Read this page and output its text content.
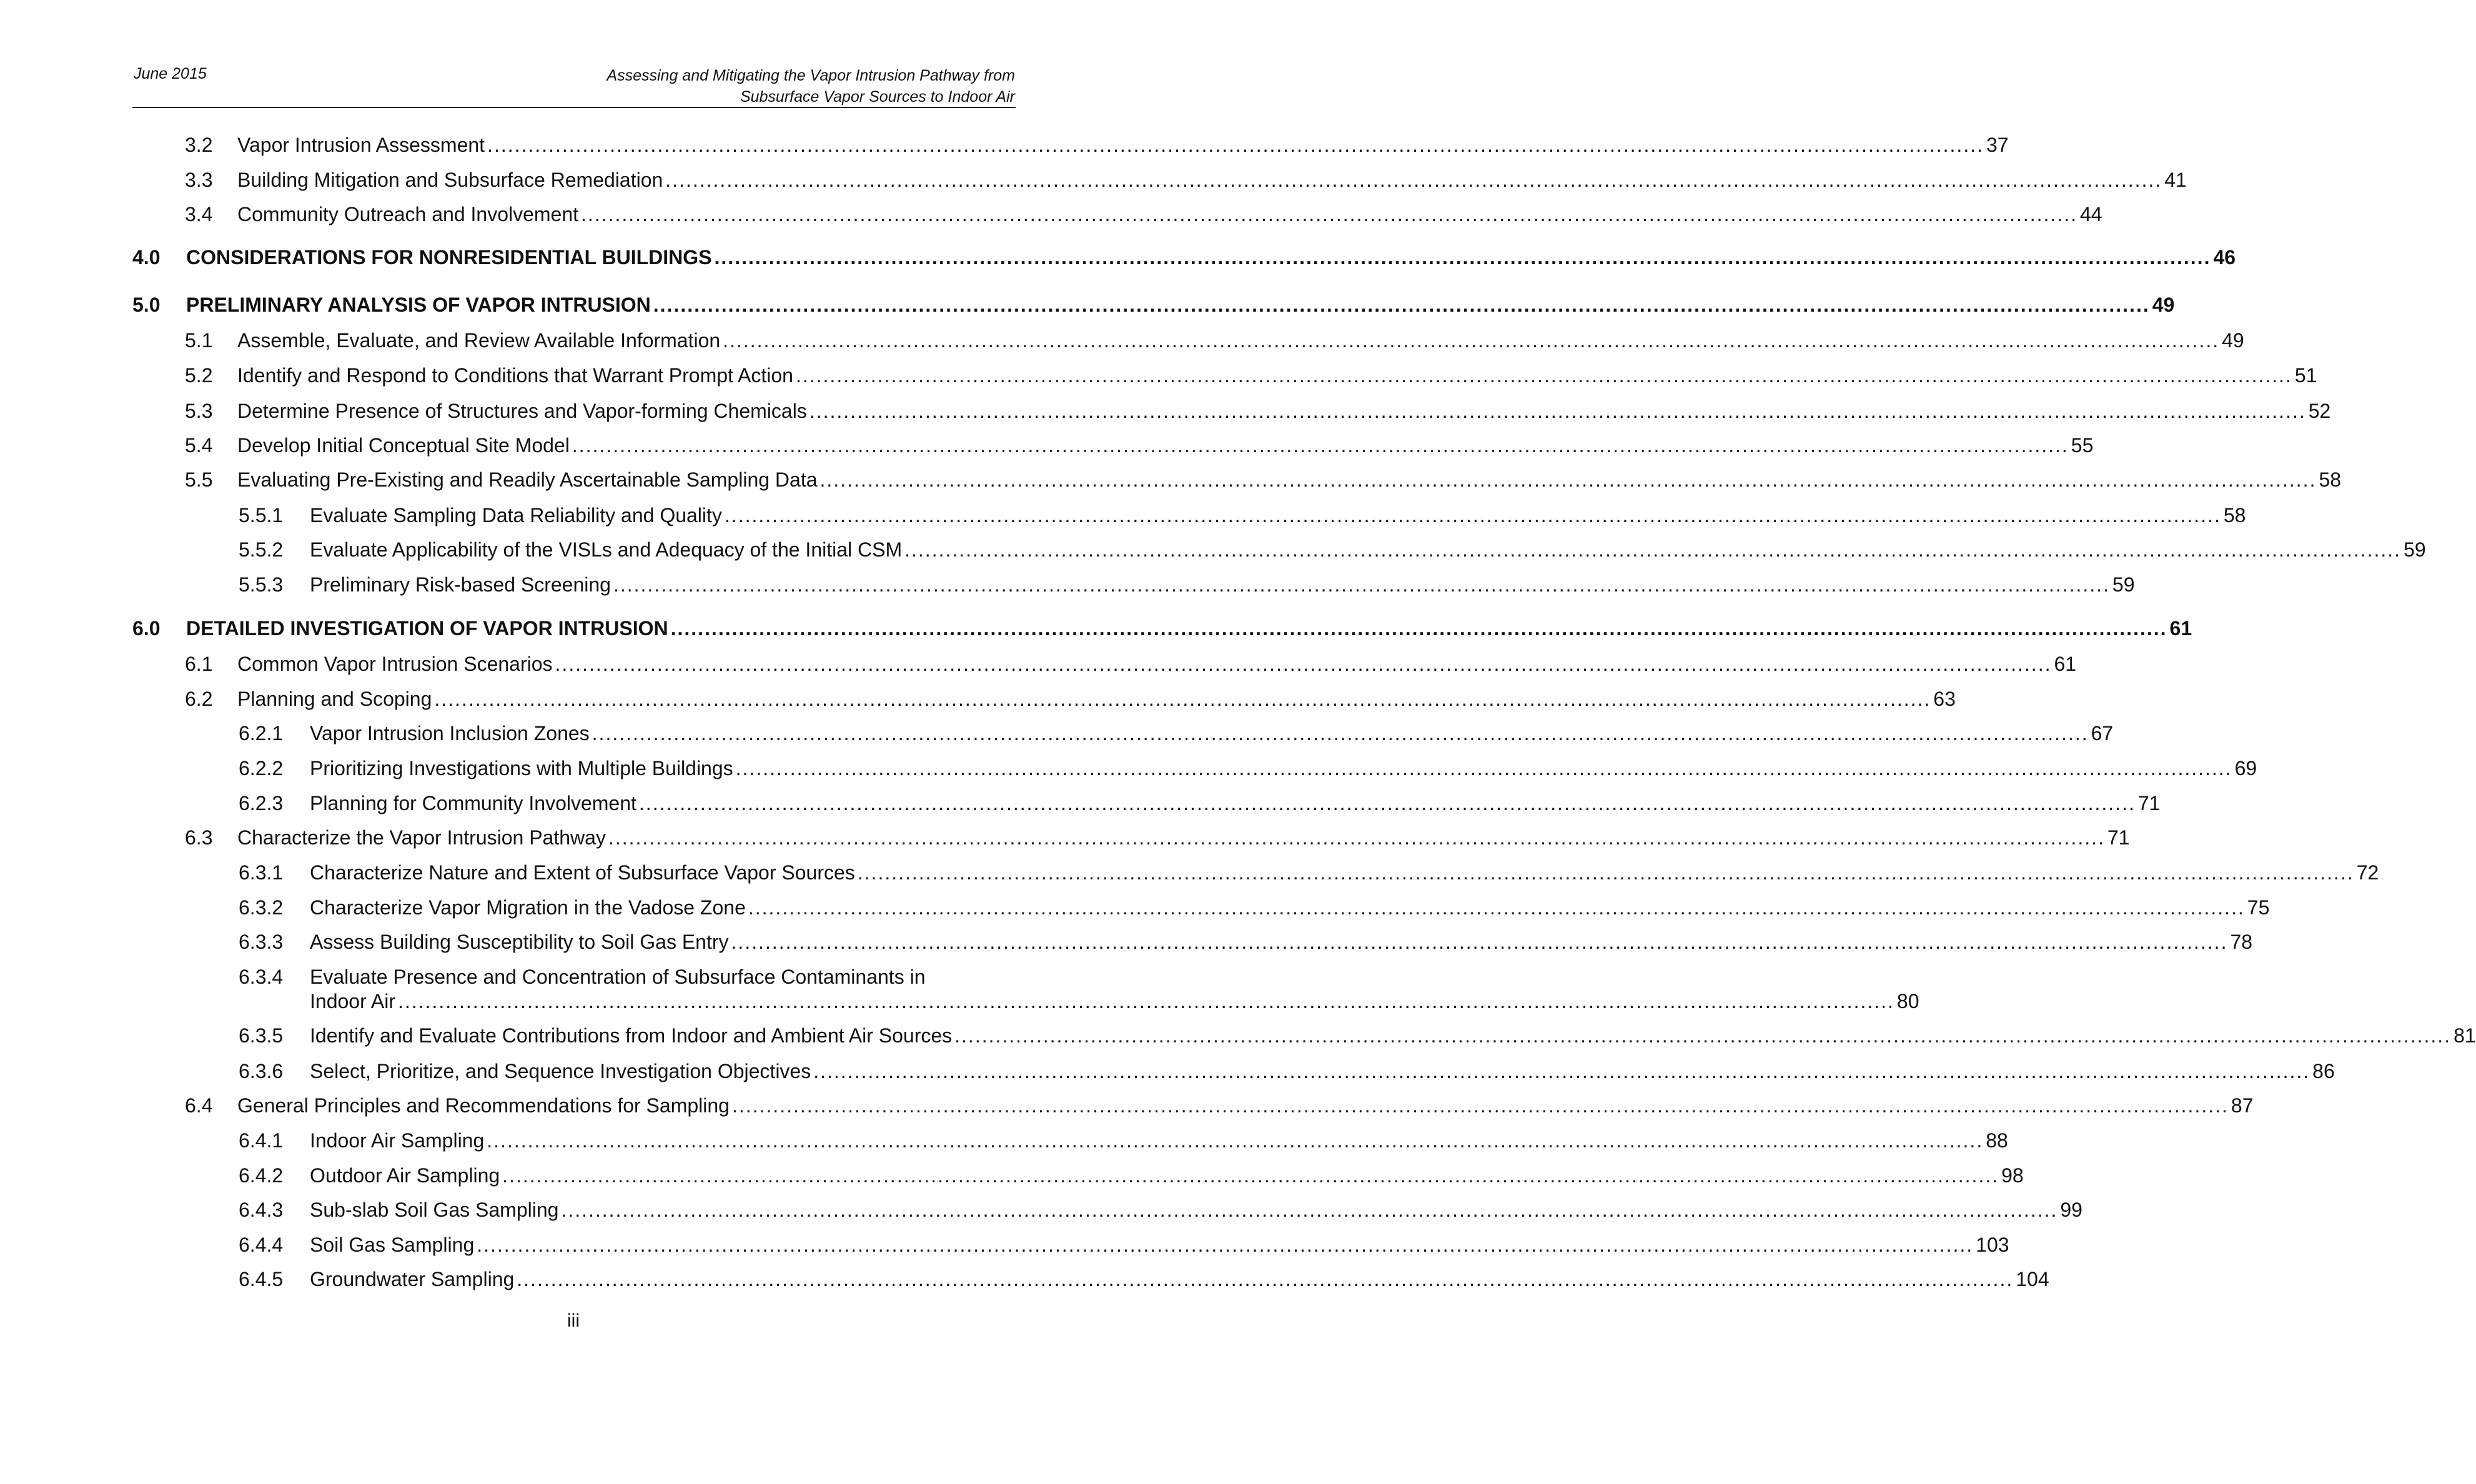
June 2015	Assessing and Mitigating the Vapor Intrusion Pathway from
Subsurface Vapor Sources to Indoor Air
3.2	Vapor Intrusion Assessment ............................................................................................................................................................................................................................ 37
3.3	Building Mitigation and Subsurface Remediation ............................................................................................................................................................................................................................ 41
3.4	Community Outreach and Involvement ............................................................................................................................................................................................................................ 44
4.0	CONSIDERATIONS FOR NONRESIDENTIAL BUILDINGS ............................................................................................................................................................................................................................ 46
5.0	PRELIMINARY ANALYSIS OF VAPOR INTRUSION ............................................................................................................................................................................................................................ 49
5.1	Assemble, Evaluate, and Review Available Information ............................................................................................................................................................................................................................ 49
5.2	Identify and Respond to Conditions that Warrant Prompt Action ............................................................................................................................................................................................................................ 51
5.3	Determine Presence of Structures and Vapor-forming Chemicals ............................................................................................................................................................................................................................ 52
5.4	Develop Initial Conceptual Site Model ............................................................................................................................................................................................................................ 55
5.5	Evaluating Pre-Existing and Readily Ascertainable Sampling Data ............................................................................................................................................................................................................................ 58
5.5.1	Evaluate Sampling Data Reliability and Quality ............................................................................................................................................................................................................................ 58
5.5.2	Evaluate Applicability of the VISLs and Adequacy of the Initial CSM ............................................................................................................................................................................................................................ 59
5.5.3	Preliminary Risk-based Screening ............................................................................................................................................................................................................................ 59
6.0	DETAILED INVESTIGATION OF VAPOR INTRUSION ............................................................................................................................................................................................................................ 61
6.1	Common Vapor Intrusion Scenarios ............................................................................................................................................................................................................................ 61
6.2	Planning and Scoping ............................................................................................................................................................................................................................ 63
6.2.1	Vapor Intrusion Inclusion Zones ............................................................................................................................................................................................................................ 67
6.2.2	Prioritizing Investigations with Multiple Buildings ............................................................................................................................................................................................................................ 69
6.2.3	Planning for Community Involvement ............................................................................................................................................................................................................................ 71
6.3	Characterize the Vapor Intrusion Pathway ............................................................................................................................................................................................................................ 71
6.3.1	Characterize Nature and Extent of Subsurface Vapor Sources ............................................................................................................................................................................................................................ 72
6.3.2	Characterize Vapor Migration in the Vadose Zone ............................................................................................................................................................................................................................ 75
6.3.3	Assess Building Susceptibility to Soil Gas Entry ............................................................................................................................................................................................................................ 78
6.3.4	Evaluate Presence and Concentration of Subsurface Contaminants in
Indoor Air ............................................................................................................................................................................................................................ 80
6.3.5	Identify and Evaluate Contributions from Indoor and Ambient Air Sources ............................................................................................................................................................................................................................ 81
6.3.6	Select, Prioritize, and Sequence Investigation Objectives ............................................................................................................................................................................................................................ 86
6.4	General Principles and Recommendations for Sampling ............................................................................................................................................................................................................................ 87
6.4.1	Indoor Air Sampling ............................................................................................................................................................................................................................ 88
6.4.2	Outdoor Air Sampling ............................................................................................................................................................................................................................ 98
6.4.3	Sub-slab Soil Gas Sampling ............................................................................................................................................................................................................................ 99
6.4.4	Soil Gas Sampling ............................................................................................................................................................................................................................ 103
6.4.5	Groundwater Sampling ............................................................................................................................................................................................................................ 104
iii
